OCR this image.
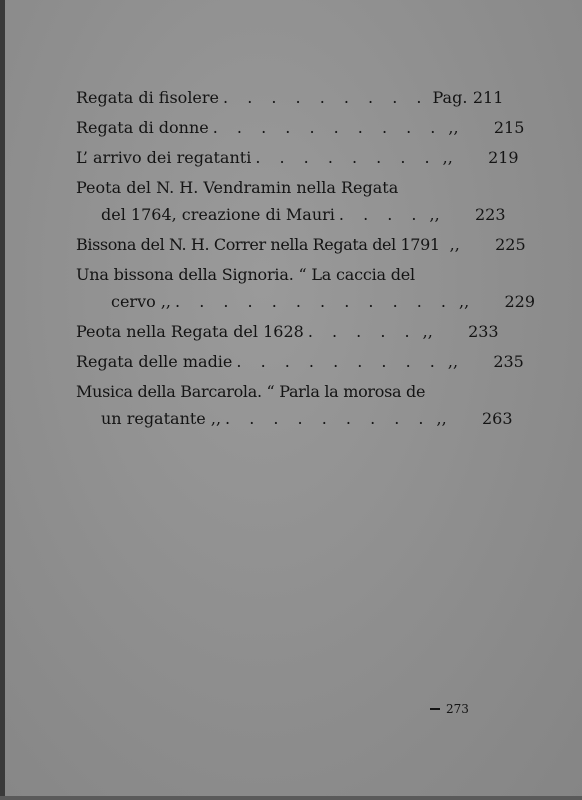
Regata di fisolere . . . . . . . . . Pag. 211
Regata di donne . . . . . . . . . . ,,	215
L’ arrivo dei regatanti . . . . . . . . ,,	219
Peota del N. H. Vendramin nella Regata
del 1764, creazione di Mauri . . . . ,,	223
Bissona del N. H. Correr nella Regata del 1791 ,,	225
Una bissona della Signoria. “ La caccia del
cervo ,, . . . . . . . . . . . . ,,	229
Peota nella Regata del 1628 . . . . . ,,	233
Regata delle madie . . . . . . . . . ,,	235
Musica della Barcarola. “ Parla la morosa de
un regatante ,, . . . . . . . . . ,,	263
273
